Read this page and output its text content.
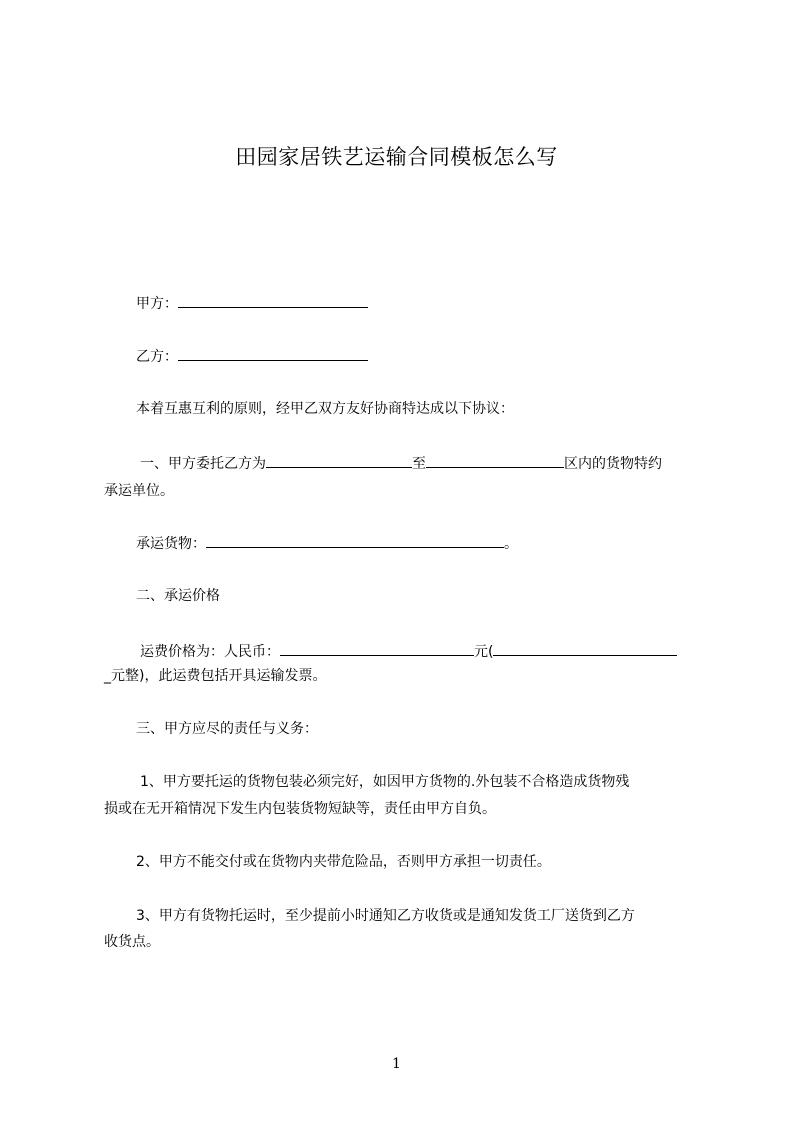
田园家居铁艺运输合同模板怎么写
甲方：
乙方：
本着互惠互利的原则，经甲乙双方友好协商特达成以下协议：
一、甲方委托乙方为	至	区内的货物特约
承运单位。
承运货物：	。
二、承运价格
运费价格为：人民币：	元(
_元整)，此运费包括开具运输发票。
三、甲方应尽的责任与义务：
1、甲方要托运的货物包装必须完好，如因甲方货物的.外包装不合格造成货物残
损或在无开箱情况下发生内包装货物短缺等，责任由甲方自负。
2、甲方不能交付或在货物内夹带危险品，否则甲方承担一切责任。
3、甲方有货物托运时，至少提前小时通知乙方收货或是通知发货工厂送货到乙方
收货点。
1
